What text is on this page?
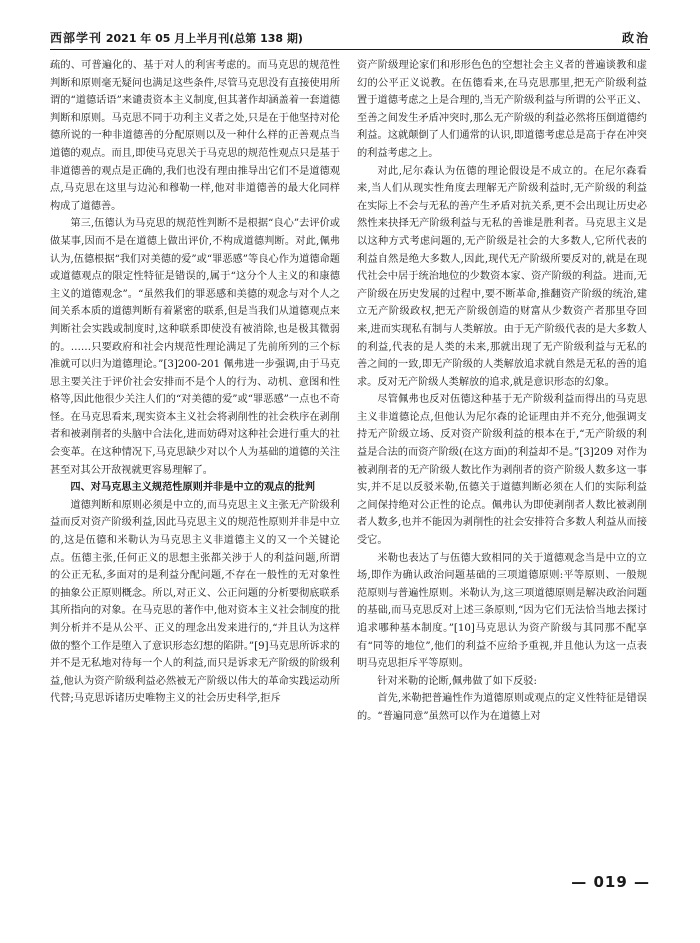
西部学刊 2021 年 05 月上半月刊(总第 138 期)	政治

疏的、可普遍化的、基于对人的利害考虑的。而马克思的规范性判断和原则毫无疑问也满足这些条件,尽管马克思没有直接使用所谓的“道德话语”来谴责资本主义制度,但其著作却涵盖着一套道德判断和原则。马克思不同于功利主义者之处,只是在于他坚持对伦德所说的一种非道德善的分配原则以及一种什么样的正善观点当道德的观点。而且,即使马克思关于马克思的规范性观点只是基于非道德善的观点是正确的,我们也没有理由推导出它们不是道德观点,马克思在这里与边沁和穆勒一样,他对非道德善的最大化同样构成了道德善。

第三,伍德认为马克思的规范性判断不是根据“良心”去评价或做某事,因而不是在道德上做出评价,不构成道德判断。对此,佩弗认为,伍德根据“我们对美德的爱”或“罪恶感”等良心作为道德命题或道德观点的限定性特征是错误的,属于“这分个人主义的和康德主义的道德观念”。“虽然我们的罪恶感和美德的观念与对个人之间关系本质的道德判断有着紧密的联系,但是当我们从道德观点来判断社会实践或制度时,这种联系即使没有被消除,也是极其微弱的。……只要政府和社会内规范性理论满足了先前所列的三个标准就可以归为道德理论。”[3]200-201 佩弗进一步强调,由于马克思主要关注于评价社会安排而不是个人的行为、动机、意图和性格等,因此他很少关注人们的“对美德的爱”或“罪恶感”一点也不奇怪。在马克思看来,现实资本主义社会将剥削性的社会秩序在剥削者和被剥削者的头脑中合法化,进而妨碍对这种社会进行重大的社会变革。在这种情况下,马克思缺少对以个人为基础的道德的关注甚至对其公开敌视就更容易理解了。

四、对马克思主义规范性原则并非是中立的观点的批判

道德判断和原则必须是中立的,而马克思主义主张无产阶级利益而反对资产阶级利益,因此马克思主义的规范性原则并非是中立的,这是伍德和米勒认为马克思主义非道德主义的又一个关键论点。伍德主张,任何正义的思想主张都关涉于人的利益问题,所谓的公正无私,多面对的是利益分配问题,不存在一般性的无对象性的抽象公正原则概念。所以,对正义、公正问题的分析要彻底联系其所指向的对象。在马克思的著作中,他对资本主义社会制度的批判分析并不是从公平、正义的理念出发来进行的,“并且认为这样做的整个工作是堕入了意识形态幻想的陷阱。”[9]马克思所诉求的并不是无私地对待每一个人的利益,而只是诉求无产阶级的阶级利益,他认为资产阶级利益必然被无产阶级以伟大的革命实践运动所代替;马克思诉诸历史唯物主义的社会历史科学,拒斥

资产阶级理论家们和形形色色的空想社会主义者的普遍谈教和虚幻的公平正义说教。在伍德看来,在马克思那里,把无产阶级利益置于道德考虑之上是合理的,当无产阶级利益与所谓的公平正义、至善之间发生矛盾冲突时,那么无产阶级的利益必然将压倒道德约利益。这就颠倒了人们通常的认识,即道德考虑总是高于存在冲突的利益考虑之上。

对此,尼尔森认为伍德的理论假设是不成立的。在尼尔森看来,当人们从现实性角度去理解无产阶级利益时,无产阶级的利益在实际上不会与无私的善产生矛盾对抗关系,更不会出现让历史必然性来抉择无产阶级利益与无私的善谁是胜利者。马克思主义是以这种方式考虑问题的,无产阶级是社会的大多数人,它所代表的利益自然是绝大多数人,因此,现代无产阶级所要反对的,就是在现代社会中居于统治地位的少数资本家、资产阶级的利益。进而,无产阶级在历史发展的过程中,要不断革命,推翻资产阶级的统治,建立无产阶级政权,把无产阶级创造的财富从少数资产者那里夺回来,进而实现私有制与人类解放。由于无产阶级代表的是大多数人的利益,代表的是人类的未来,那就出现了无产阶级利益与无私的善之间的一致,即无产阶级的人类解放追求就自然是无私的善的追求。反对无产阶级人类解放的追求,就是意识形态的幻象。

尽管佩弗也反对伍德这种基于无产阶级利益而得出的马克思主义非道德论点,但他认为尼尔森的论证理由并不充分,他强调支持无产阶级立场、反对资产阶级利益的根本在于,“无产阶级的利益是合法的而资产阶级(在这方面)的利益却不是。”[3]209 对作为被剥削者的无产阶级人数比作为剥削者的资产阶级人数多这一事实,并不足以反驳米勒,伍德关于道德判断必须在人们的实际利益之间保持绝对公正性的论点。佩弗认为即使剥削者人数比被剥削者人数多,也并不能因为剥削性的社会安排符合多数人利益从而接受它。

米勒也表达了与伍德大致相同的关于道德观念当是中立的立场,即作为确认政治问题基础的三项道德原则:平等原则、一般规范原则与普遍性原则。米勒认为,这三项道德原则是解决政治问题的基础,而马克思反对上述三条原则,“因为它们无法恰当地去探讨追求哪种基本制度。”[10]马克思认为资产阶级与其同那不配享有“同等的地位”,他们的利益不应给予重视,并且他认为这一点表明马克思拒斥平等原则。

针对米勒的论断,佩弗做了如下反驳:

首先,米勒把普遍性作为道德原则或观点的定义性特征是错误的。“普遍同意”虽然可以作为在道德上对

— 019 —
